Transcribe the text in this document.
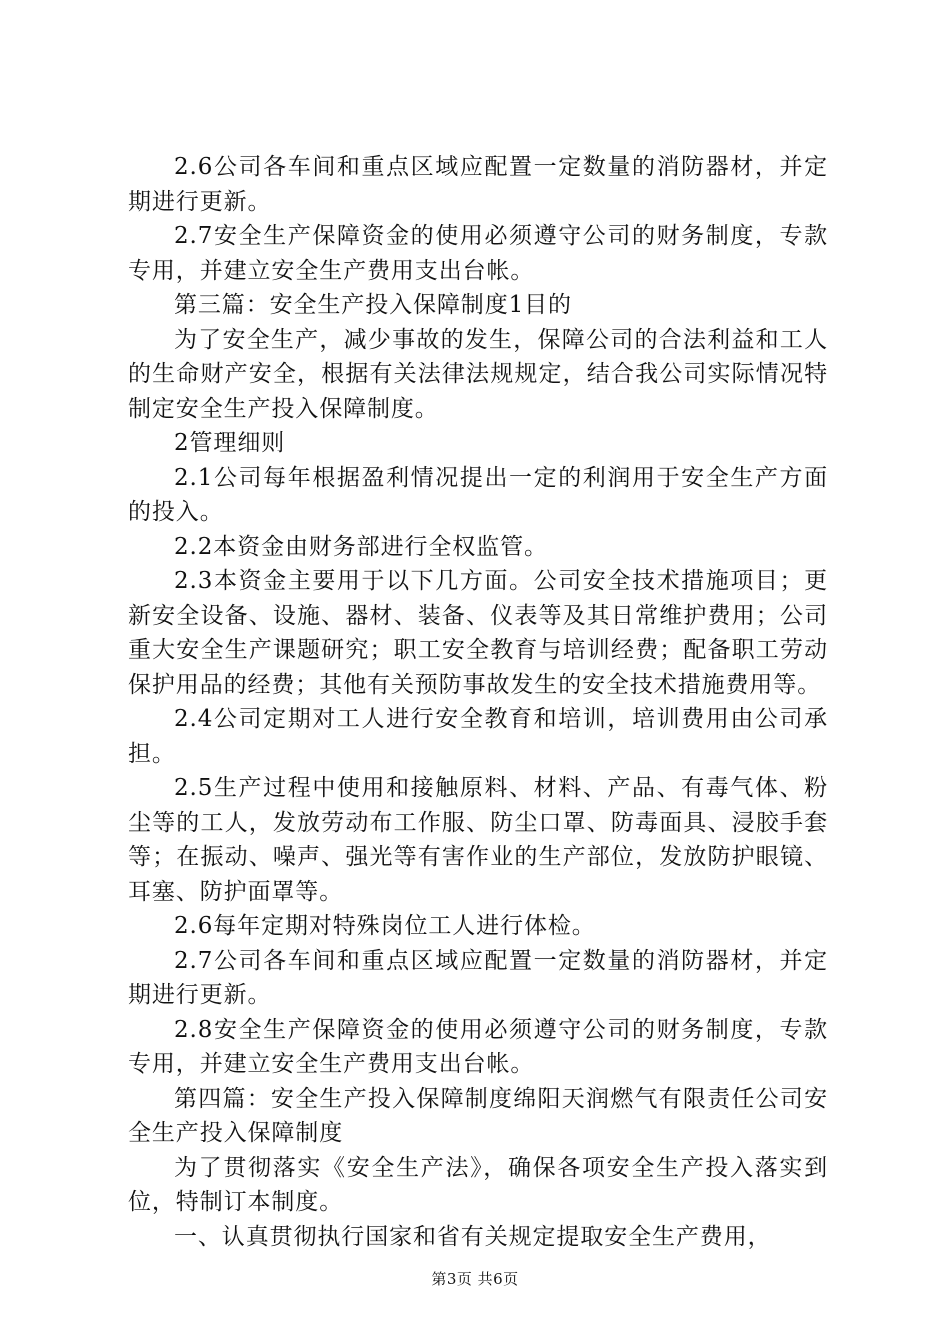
2.6公司各车间和重点区域应配置一定数量的消防器材，并定期进行更新。

2.7安全生产保障资金的使用必须遵守公司的财务制度，专款专用，并建立安全生产费用支出台帐。

第三篇：安全生产投入保障制度1目的

为了安全生产，减少事故的发生，保障公司的合法利益和工人的生命财产安全，根据有关法律法规规定，结合我公司实际情况特制定安全生产投入保障制度。

2管理细则

2.1公司每年根据盈利情况提出一定的利润用于安全生产方面的投入。

2.2本资金由财务部进行全权监管。

2.3本资金主要用于以下几方面。公司安全技术措施项目；更新安全设备、设施、器材、装备、仪表等及其日常维护费用；公司重大安全生产课题研究；职工安全教育与培训经费；配备职工劳动保护用品的经费；其他有关预防事故发生的安全技术措施费用等。

2.4公司定期对工人进行安全教育和培训，培训费用由公司承担。

2.5生产过程中使用和接触原料、材料、产品、有毒气体、粉尘等的工人，发放劳动布工作服、防尘口罩、防毒面具、浸胶手套等；在振动、噪声、强光等有害作业的生产部位，发放防护眼镜、耳塞、防护面罩等。

2.6每年定期对特殊岗位工人进行体检。

2.7公司各车间和重点区域应配置一定数量的消防器材，并定期进行更新。

2.8安全生产保障资金的使用必须遵守公司的财务制度，专款专用，并建立安全生产费用支出台帐。

第四篇：安全生产投入保障制度绵阳天润燃气有限责任公司安全生产投入保障制度

为了贯彻落实《安全生产法》，确保各项安全生产投入落实到位，特制订本制度。

一、认真贯彻执行国家和省有关规定提取安全生产费用，

第3页 共6页
